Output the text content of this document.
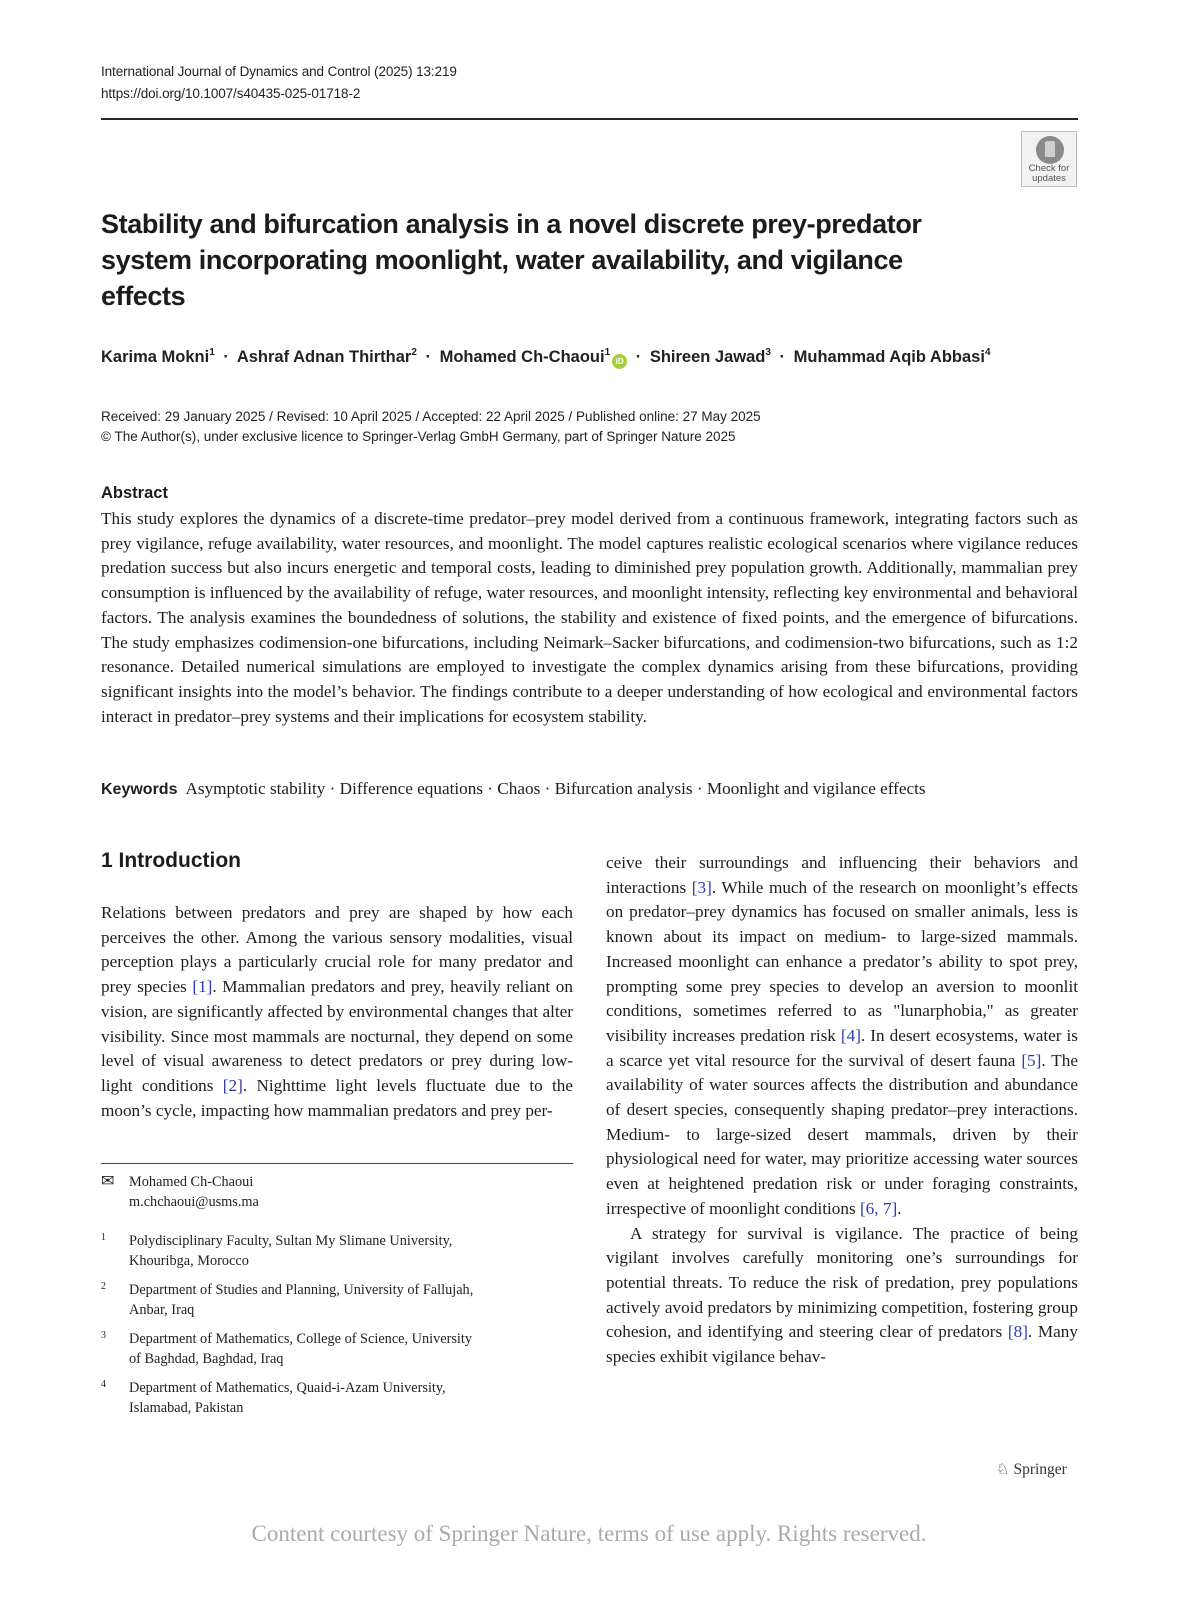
International Journal of Dynamics and Control (2025) 13:219
https://doi.org/10.1007/s40435-025-01718-2
Check for
updates
Stability and bifurcation analysis in a novel discrete prey-predator system incorporating moonlight, water availability, and vigilance effects
Karima Mokni$^1$ · Ashraf Adnan Thirthar$^2$ · Mohamed Ch-Chaoui$^1$iD · Shireen Jawad$^3$ · Muhammad Aqib Abbasi$^4$
Received: 29 January 2025 / Revised: 10 April 2025 / Accepted: 22 April 2025 / Published online: 27 May 2025
© The Author(s), under exclusive licence to Springer-Verlag GmbH Germany, part of Springer Nature 2025
Abstract
This study explores the dynamics of a discrete-time predator–prey model derived from a continuous framework, integrating factors such as prey vigilance, refuge availability, water resources, and moonlight. The model captures realistic ecological scenarios where vigilance reduces predation success but also incurs energetic and temporal costs, leading to diminished prey population growth. Additionally, mammalian prey consumption is influenced by the availability of refuge, water resources, and moonlight intensity, reflecting key environmental and behavioral factors. The analysis examines the boundedness of solutions, the stability and existence of fixed points, and the emergence of bifurcations. The study emphasizes codimension-one bifurcations, including Neimark–Sacker bifurcations, and codimension-two bifurcations, such as 1:2 resonance. Detailed numerical simulations are employed to investigate the complex dynamics arising from these bifurcations, providing significant insights into the model’s behavior. The findings contribute to a deeper understanding of how ecological and environmental factors interact in predator–prey systems and their implications for ecosystem stability.
Keywords Asymptotic stability · Difference equations · Chaos · Bifurcation analysis · Moonlight and vigilance effects
1 Introduction

Relations between predators and prey are shaped by how each perceives the other. Among the various sensory modalities, visual perception plays a particularly crucial role for many predator and prey species [1]. Mammalian predators and prey, heavily reliant on vision, are significantly affected by environmental changes that alter visibility. Since most mammals are nocturnal, they depend on some level of visual awareness to detect predators or prey during low-light conditions [2]. Nighttime light levels fluctuate due to the moon’s cycle, impacting how mammalian predators and prey per-

✉ Mohamed Ch-Chaoui
m.chchaoui@usms.ma
1 Polydisciplinary Faculty, Sultan My Slimane University,
Khouribga, Morocco
2 Department of Studies and Planning, University of Fallujah,
Anbar, Iraq
3 Department of Mathematics, College of Science, University
of Baghdad, Baghdad, Iraq
4 Department of Mathematics, Quaid-i-Azam University,
Islamabad, Pakistan

ceive their surroundings and influencing their behaviors and interactions [3]. While much of the research on moonlight’s effects on predator–prey dynamics has focused on smaller animals, less is known about its impact on medium- to large-sized mammals. Increased moonlight can enhance a predator’s ability to spot prey, prompting some prey species to develop an aversion to moonlit conditions, sometimes referred to as "lunarphobia," as greater visibility increases predation risk [4]. In desert ecosystems, water is a scarce yet vital resource for the survival of desert fauna [5]. The availability of water sources affects the distribution and abundance of desert species, consequently shaping predator–prey interactions. Medium- to large-sized desert mammals, driven by their physiological need for water, may prioritize accessing water sources even at heightened predation risk or under foraging constraints, irrespective of moonlight conditions [6, 7].

A strategy for survival is vigilance. The practice of being vigilant involves carefully monitoring one’s surroundings for potential threats. To reduce the risk of predation, prey populations actively avoid predators by minimizing competition, fostering group cohesion, and identifying and steering clear of predators [8]. Many species exhibit vigilance behav-

♘ Springer
Content courtesy of Springer Nature, terms of use apply. Rights reserved.
